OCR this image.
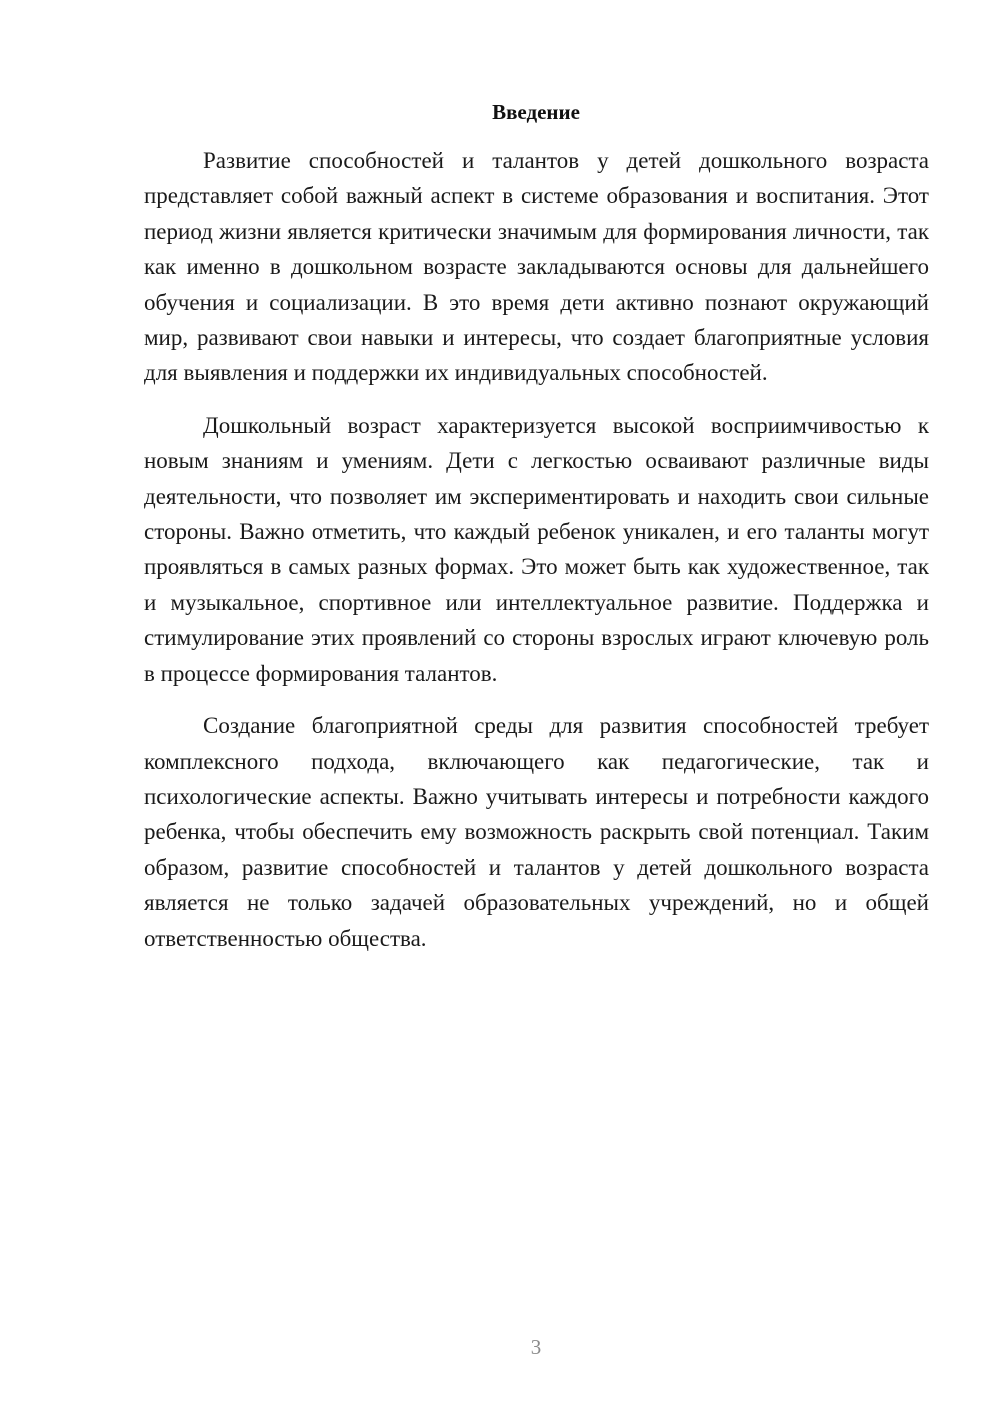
Введение

Развитие способностей и талантов у детей дошкольного возраста представляет собой важный аспект в системе образования и воспитания. Этот период жизни является критически значимым для формирования личности, так как именно в дошкольном возрасте закладываются основы для дальнейшего обучения и социализации. В это время дети активно познают окружающий мир, развивают свои навыки и интересы, что создает благоприятные условия для выявления и поддержки их индивидуальных способностей.

Дошкольный возраст характеризуется высокой восприимчивостью к новым знаниям и умениям. Дети с легкостью осваивают различные виды деятельности, что позволяет им экспериментировать и находить свои сильные стороны. Важно отметить, что каждый ребенок уникален, и его таланты могут проявляться в самых разных формах. Это может быть как художественное, так и музыкальное, спортивное или интеллектуальное развитие. Поддержка и стимулирование этих проявлений со стороны взрослых играют ключевую роль в процессе формирования талантов.

Создание благоприятной среды для развития способностей требует комплексного подхода, включающего как педагогические, так и психологические аспекты. Важно учитывать интересы и потребности каждого ребенка, чтобы обеспечить ему возможность раскрыть свой потенциал. Таким образом, развитие способностей и талантов у детей дошкольного возраста является не только задачей образовательных учреждений, но и общей ответственностью общества.

3
